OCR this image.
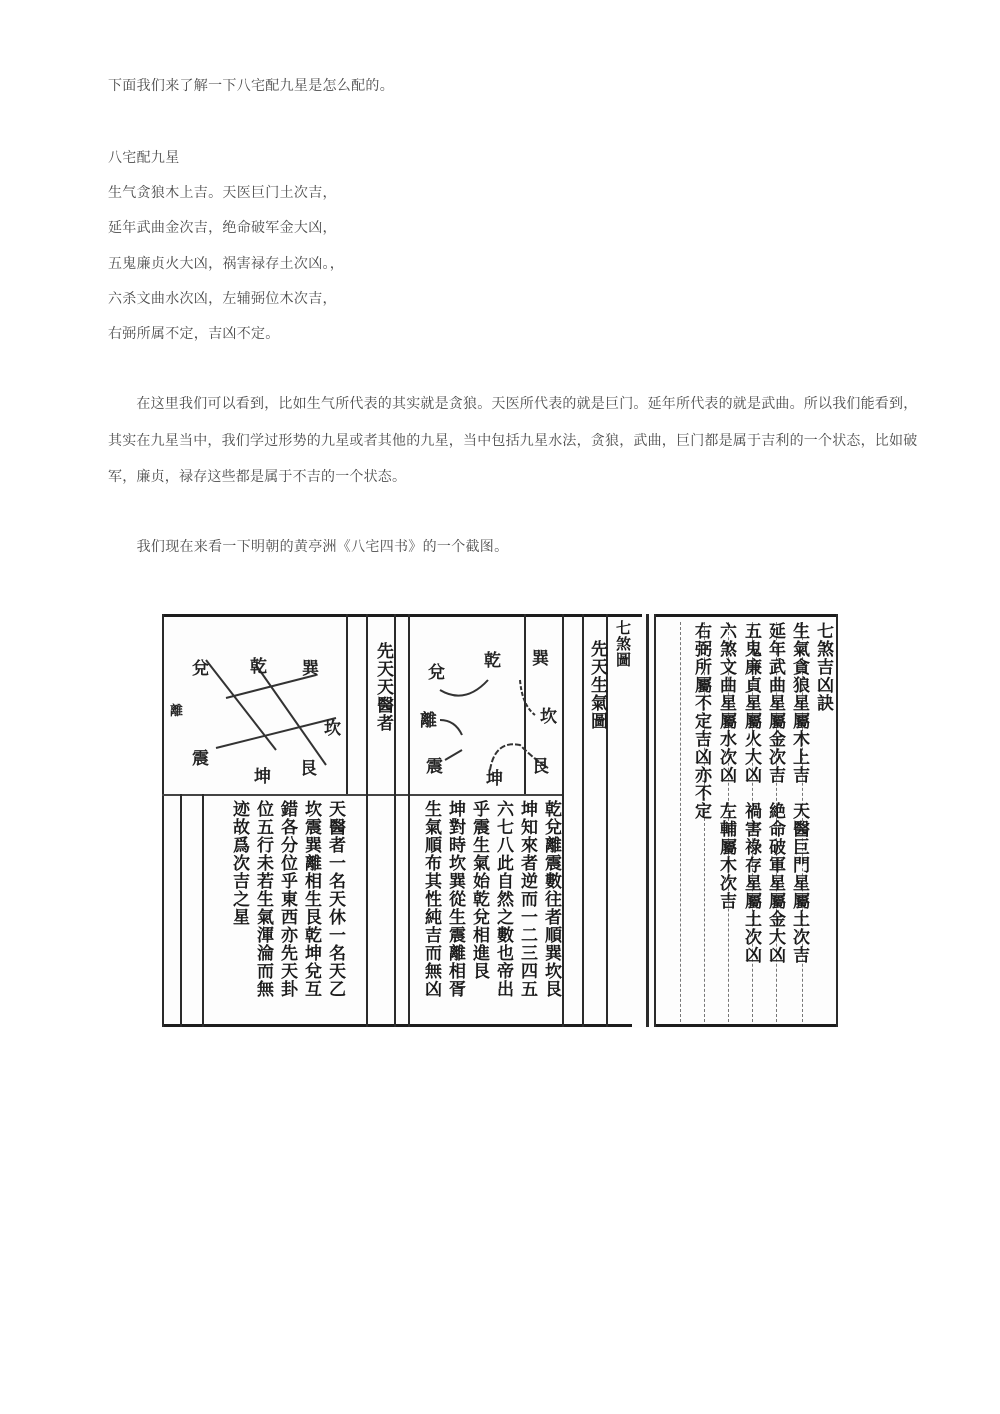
下面我们来了解一下八宅配九星是怎么配的。
八宅配九星
生气贪狼木上吉。天医巨门土次吉，
延年武曲金次吉，绝命破军金大凶，
五鬼廉贞火大凶，祸害禄存土次凶。，
六杀文曲水次凶，左辅弼位木次吉，
右弼所属不定，吉凶不定。
　　在这里我们可以看到，比如生气所代表的其实就是贪狼。天医所代表的就是巨门。延年所代表的就是武曲。所以我们能看到，
其实在九星当中，我们学过形势的九星或者其他的九星，当中包括九星水法，贪狼，武曲，巨门都是属于吉利的一个状态，比如破
军，廉贞，禄存这些都是属于不吉的一个状态。
　　我们现在来看一下明朝的黄亭洲《八宅四书》的一个截图。
七煞吉凶訣
生氣貪狼星屬木上吉　天醫巨門星屬土次吉
延年武曲星屬金次吉　絶命破軍星屬金大凶
五鬼廉貞星屬火大凶　禍害祿存星屬土次凶
六煞文曲星屬水次凶　左輔屬木次吉
右弼所屬不定吉凶亦不定
七煞圖
先天生氣圖
乾 巽
坎
艮
坤
震
離
兌
乾兌離震數往者順巽坎艮
坤知來者逆而一二三四五
六七八此自然之數也帝出
乎震生氣始乾兌相進艮
坤對時坎巽從生震離相胥
生氣順布其性純吉而無凶
先天天醫者
乾 巽
坎
艮
坤
震
離
兌
天醫者一名天休一名天乙
坎震巽離相生艮乾坤兌互
錯各分位乎東西亦先天卦
位五行未若生氣渾淪而無
迹故爲次吉之星
